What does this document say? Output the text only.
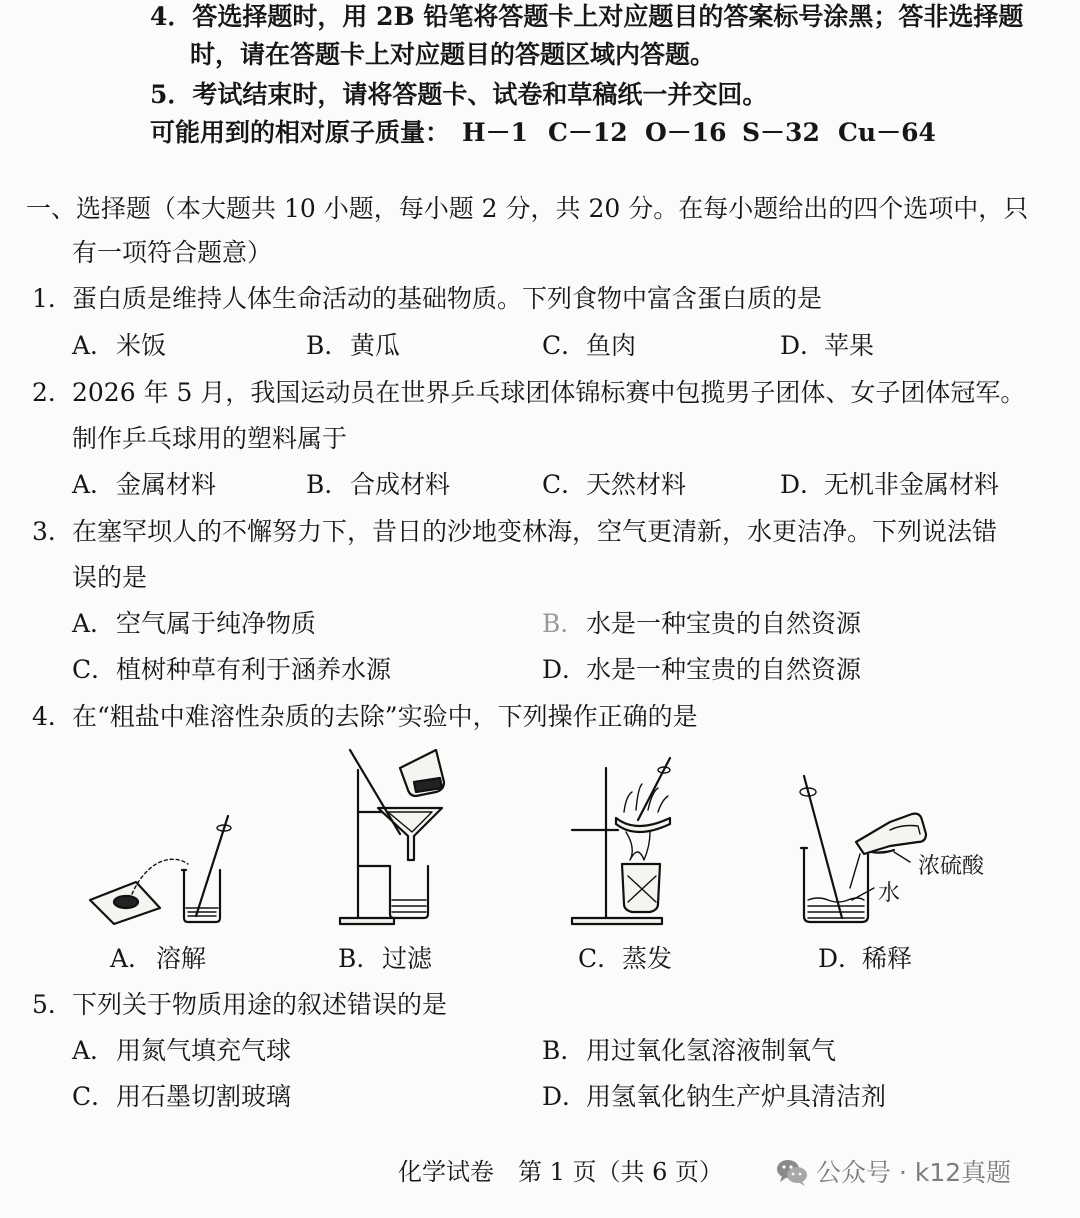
4．答选择题时，用 2B 铅笔将答题卡上对应题目的答案标号涂黑；答非选择题
时，请在答题卡上对应题目的答题区域内答题。
5．考试结束时，请将答题卡、试卷和草稿纸一并交回。
可能用到的相对原子质量： H－1 C－12 O－16 S－32 Cu－64
一、选择题（本大题共 10 小题，每小题 2 分，共 20 分。在每小题给出的四个选项中，只
有一项符合题意）
1． 蛋白质是维持人体生命活动的基础物质。下列食物中富含蛋白质的是
A． 米饭	B． 黄瓜	C． 鱼肉	D．
苹果
2． 2026 年 5 月，我国运动员在世界乒乓球团体锦标赛中包揽男子团体、女子团体冠军。
制作乒乓球用的塑料属于
A． 金属材料	B． 合成材料	C． 天然材料	D．
无机非金属材料
3． 在塞罕坝人的不懈努力下，昔日的沙地变林海，空气更清新，水更洁净。下列说法错
误的是
A． 空气属于纯净物质	B． 水是一种宝贵的自然资源
C． 植树种草有利于涵养水源	D．
水是一种宝贵的自然资源
4． 在“粗盐中难溶性杂质的去除”实验中，下列操作正确的是
A． 溶解	B． 过滤	C． 蒸发
浓硫酸
水
D．
稀释
5． 下列关于物质用途的叙述错误的是
A． 用氮气填充气球	B． 用过氧化氢溶液制氧气
C． 用石墨切割玻璃	D．
用氢氧化钠生产炉具清洁剂
化学试卷　第 1 页（共 6 页）	公众号 · k12真题
